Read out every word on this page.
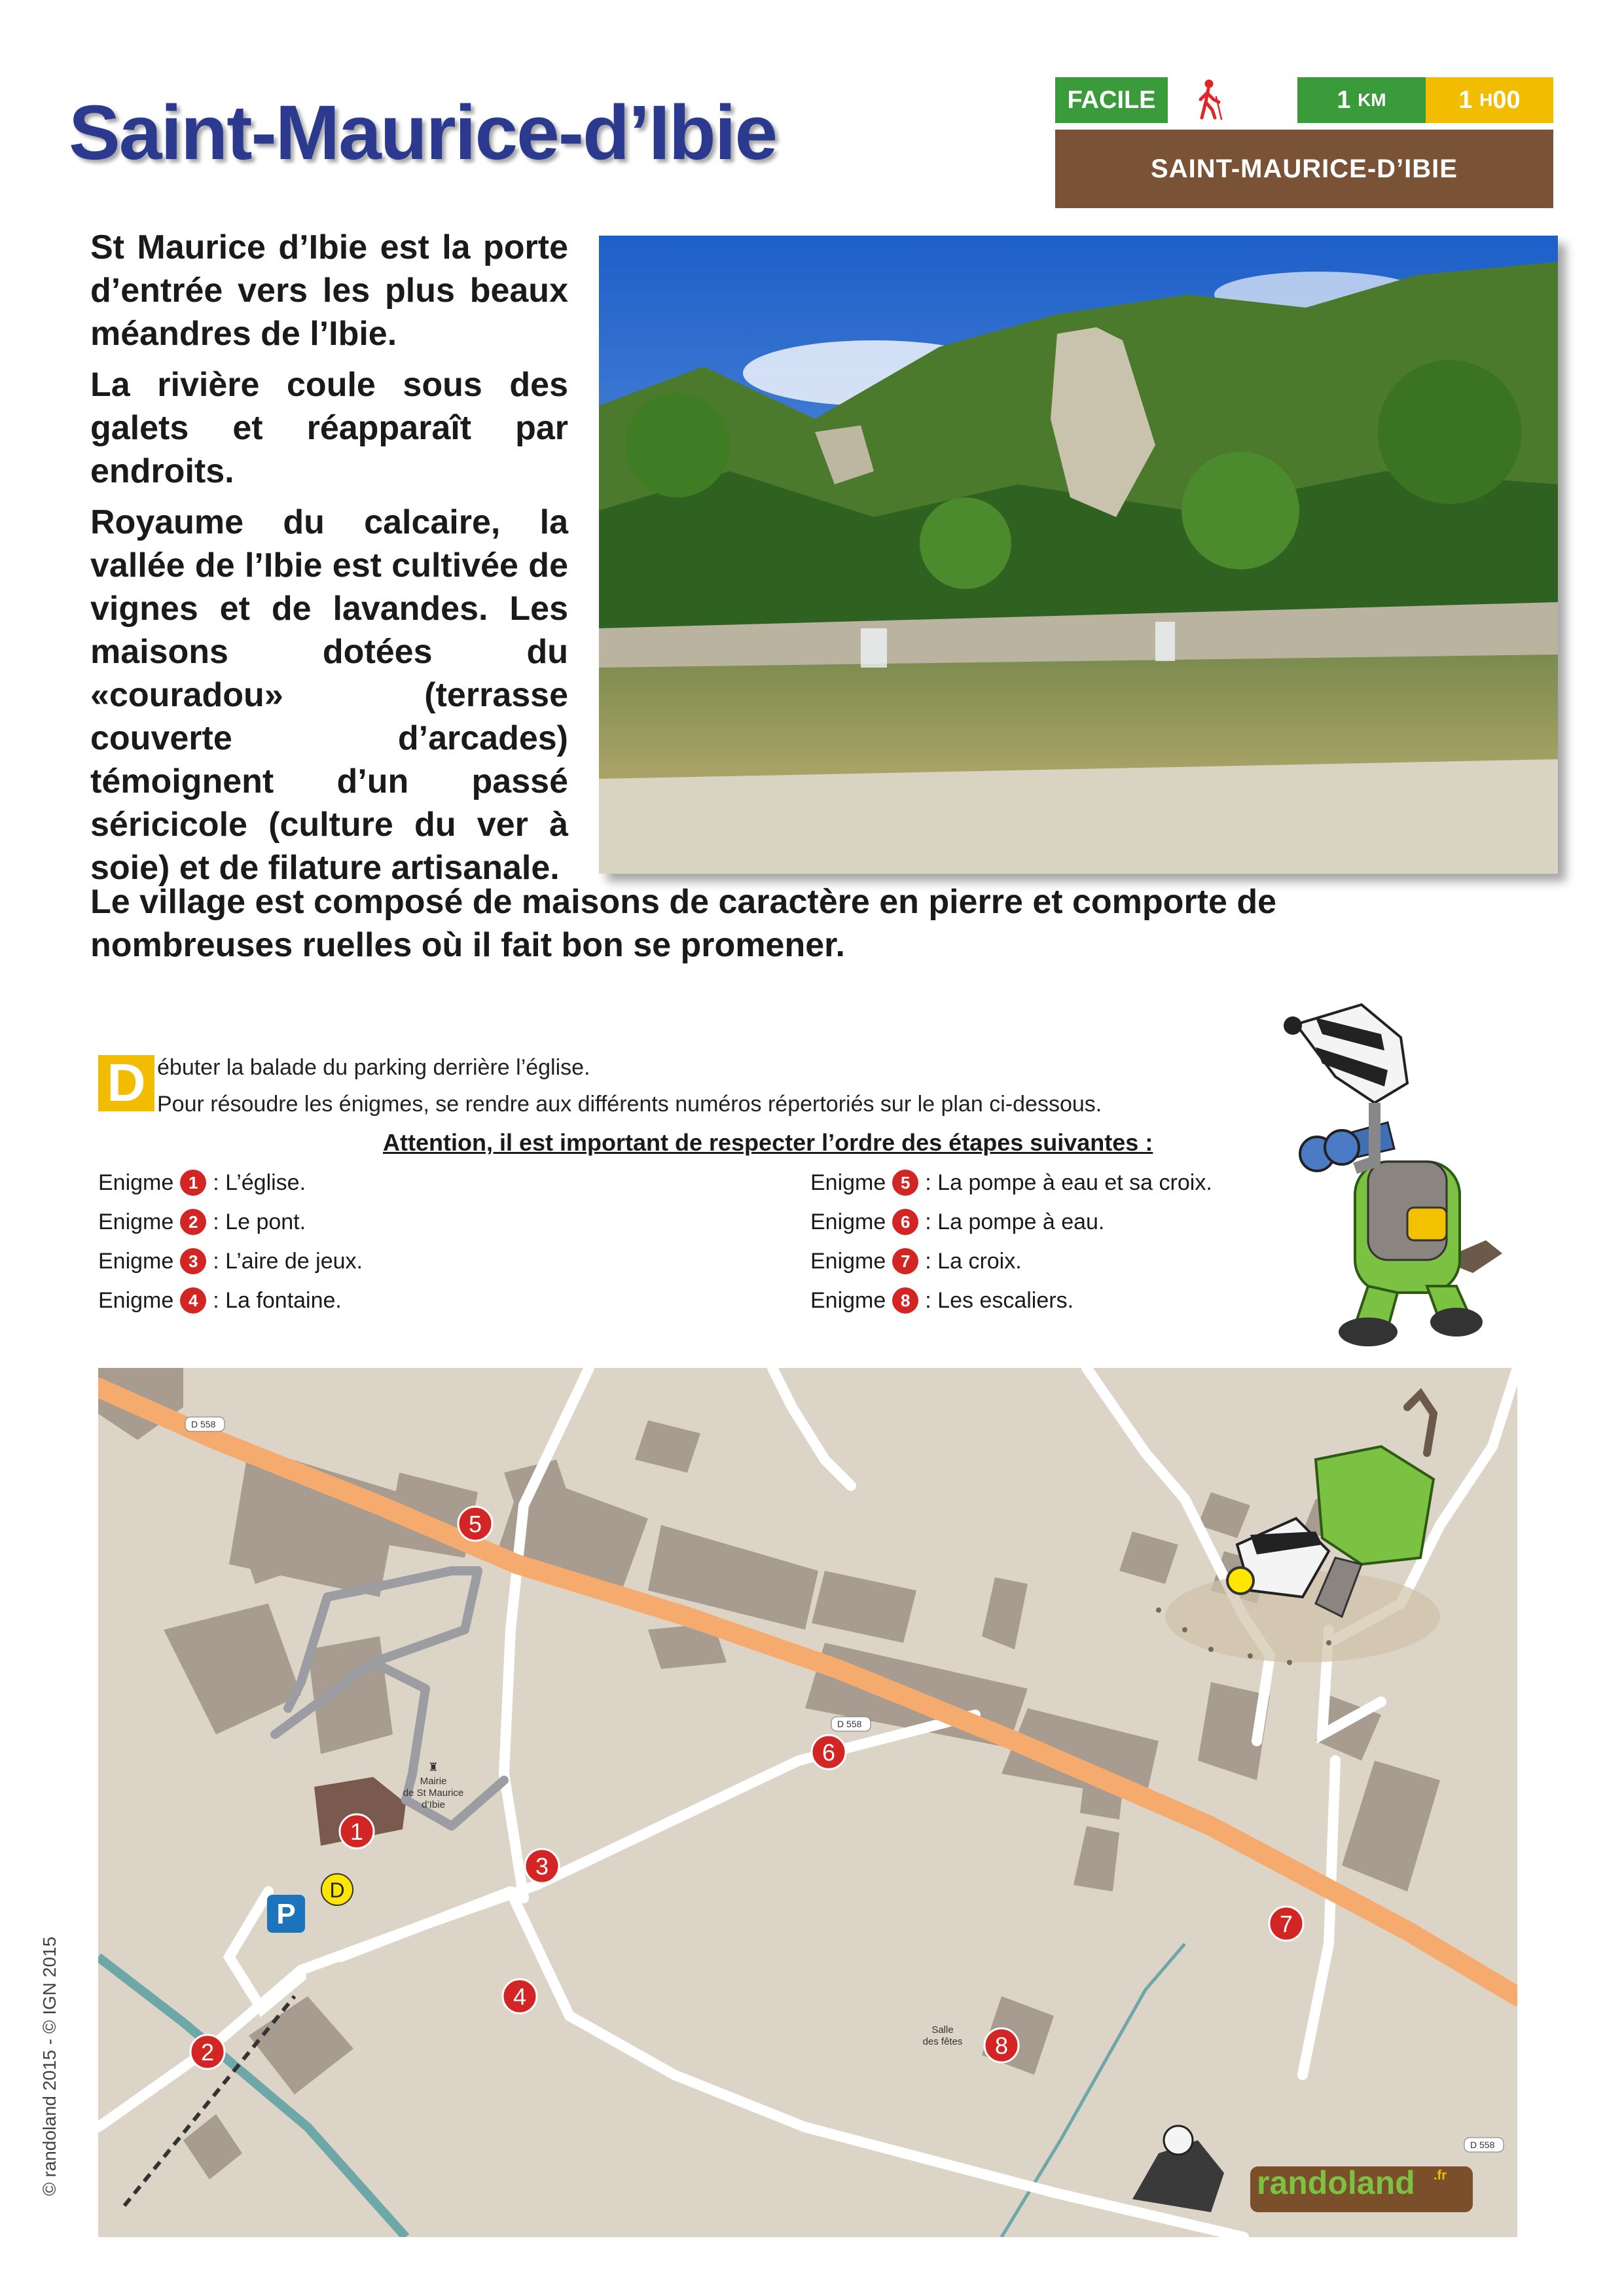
Saint-Maurice-d’Ibie	FACILE	1
KM	1
H 00
SAINT-MAURICE-D’IBIE

St Maurice d’Ibie est la porte d’entrée vers les plus beaux méandres de l’Ibie.

La rivière coule sous des galets et réapparaît par endroits.

Royaume du calcaire, la vallée de l’Ibie est cultivée de vignes et de lavandes. Les maisons dotées du «couradou» (terrasse couverte d’arcades) témoignent d’un passé séricicole (culture du ver à soie) et de filature artisanale.

Le village est composé de maisons de caractère en pierre et comporte de nombreuses ruelles où il fait bon se promener.
D ébuter la balade du parking derrière l’église.
Pour résoudre les énigmes, se rendre aux différents numéros répertoriés sur le plan ci-dessous.
Attention, il est important de respecter l’ordre des étapes suivantes :
Enigme 1 : L’église.
Enigme 2 : Le pont.
Enigme 3 : L’aire de jeux.
Enigme 4 : La fontaine.
Enigme 5 : La pompe à eau et sa croix.
Enigme 6 : La pompe à eau.
Enigme 7 : La croix.
Enigme 8 : Les escaliers.
D 558
D 558
D 558
♜
Mairie
de St Maurice
d’Ibie
Salle
des fêtes
P
D
1
2
3
4
5
6
7
8
randoland .fr
© randoland 2015 - © IGN 2015
